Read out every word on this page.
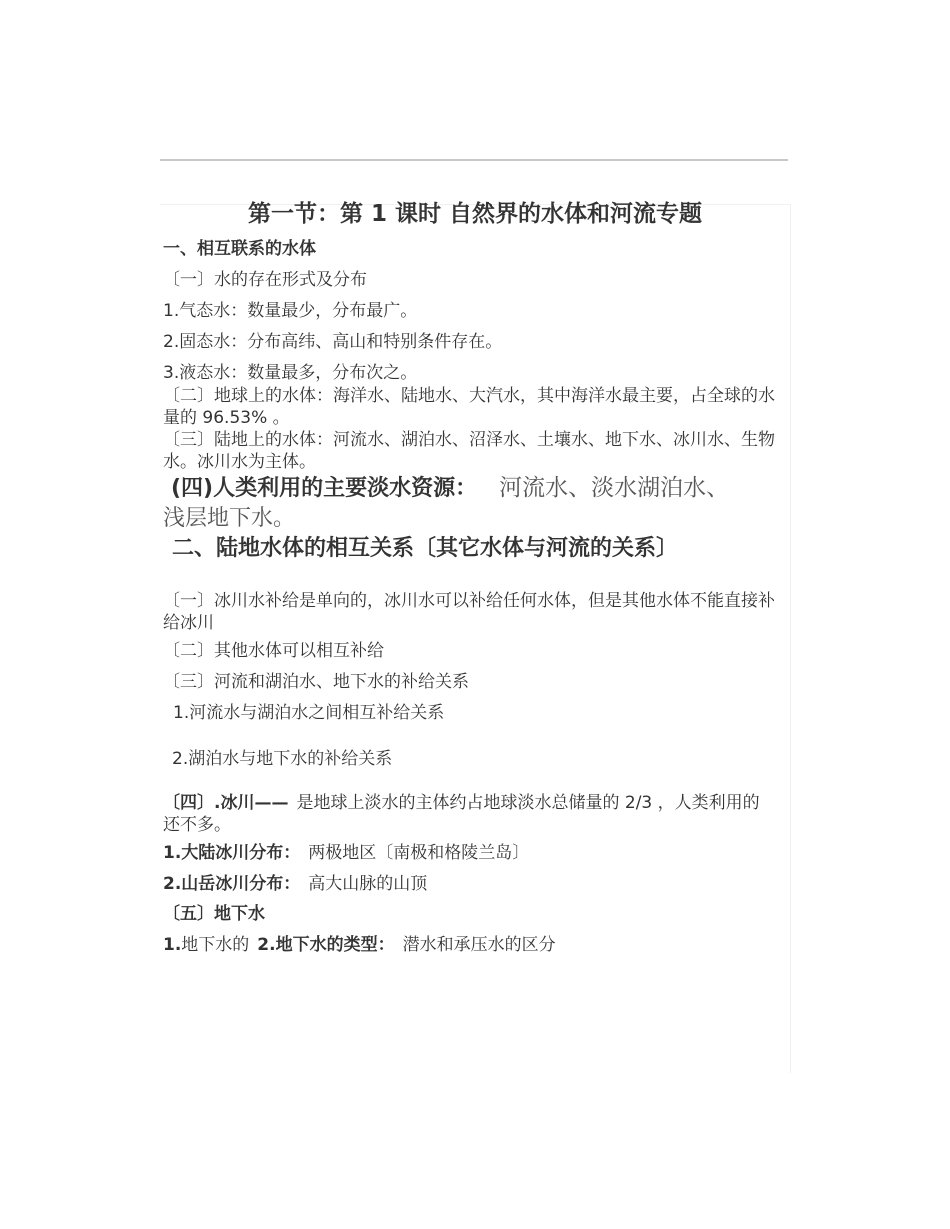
第一节：第 1 课时 自然界的水体和河流专题

一、相互联系的水体

〔一〕水的存在形式及分布

1.气态水：数量最少，分布最广。

2.固态水：分布高纬、高山和特别条件存在。

3.液态水：数量最多，分布次之。

〔二〕地球上的水体：海洋水、陆地水、大汽水，其中海洋水最主要，占全球的水量的 96.53% 。

〔三〕陆地上的水体：河流水、湖泊水、沼泽水、土壤水、地下水、冰川水、生物水。冰川水为主体。

(四)人类利用的主要淡水资源： 河流水、淡水湖泊水、

浅层地下水。

二、陆地水体的相互关系〔其它水体与河流的关系〕

〔一〕冰川水补给是单向的，冰川水可以补给任何水体，但是其他水体不能直接补给冰川

〔二〕其他水体可以相互补给

〔三〕河流和湖泊水、地下水的补给关系

1.河流水与湖泊水之间相互补给关系

2.湖泊水与地下水的补给关系

〔四〕.冰川—— 是地球上淡水的主体约占地球淡水总储量的 2/3 ，人类利用的还不多。

1.大陆冰川分布： 两极地区〔南极和格陵兰岛〕

2.山岳冰川分布： 高大山脉的山顶

〔五〕地下水

1.地下水的 2.地下水的类型： 潜水和承压水的区分
